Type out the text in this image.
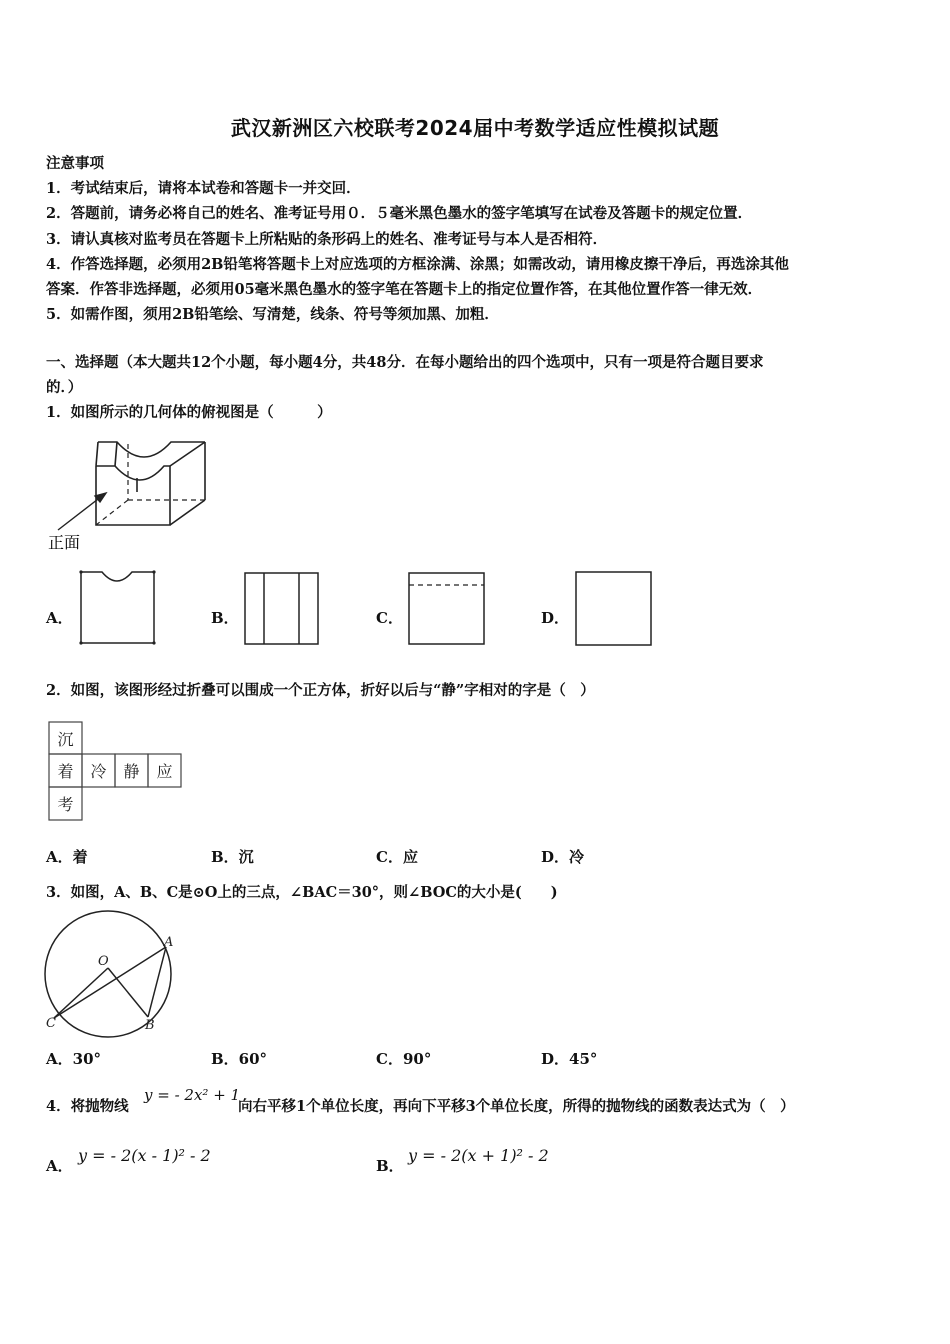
武汉新洲区六校联考2024届中考数学适应性模拟试题
注意事项
1．考试结束后，请将本试卷和答题卡一并交回．
2．答题前，请务必将自己的姓名、准考证号用０．５毫米黑色墨水的签字笔填写在试卷及答题卡的规定位置．
3．请认真核对监考员在答题卡上所粘贴的条形码上的姓名、准考证号与本人是否相符．
4．作答选择题，必须用2B铅笔将答题卡上对应选项的方框涂满、涂黑；如需改动，请用橡皮擦干净后，再选涂其他
答案．作答非选择题，必须用05毫米黑色墨水的签字笔在答题卡上的指定位置作答，在其他位置作答一律无效．
5．如需作图，须用2B铅笔绘、写清楚，线条、符号等须加黑、加粗．
一、选择题（本大题共12个小题，每小题4分，共48分．在每小题给出的四个选项中，只有一项是符合题目要求
的．）
1．如图所示的几何体的俯视图是（　　　）
正面
A．	B．	C．	D．
2．如图，该图形经过折叠可以围成一个正方体，折好以后与“静”字相对的字是（　）
沉
着 冷 静 应
考
A．着	B．沉	C．应	D．冷
3．如图，A、B、C是⊙O上的三点，∠BAC＝30°，则∠BOC的大小是(　　)
O
A
C	B
A．30°	B．60°	C．90°	D．45°
4．将抛物线
y = - 2x² + 1
向右平移1个单位长度，再向下平移3个单位长度，所得的抛物线的函数表达式为（　）
A．
y = - 2(x - 1)² - 2
B．
y = - 2(x + 1)² - 2
